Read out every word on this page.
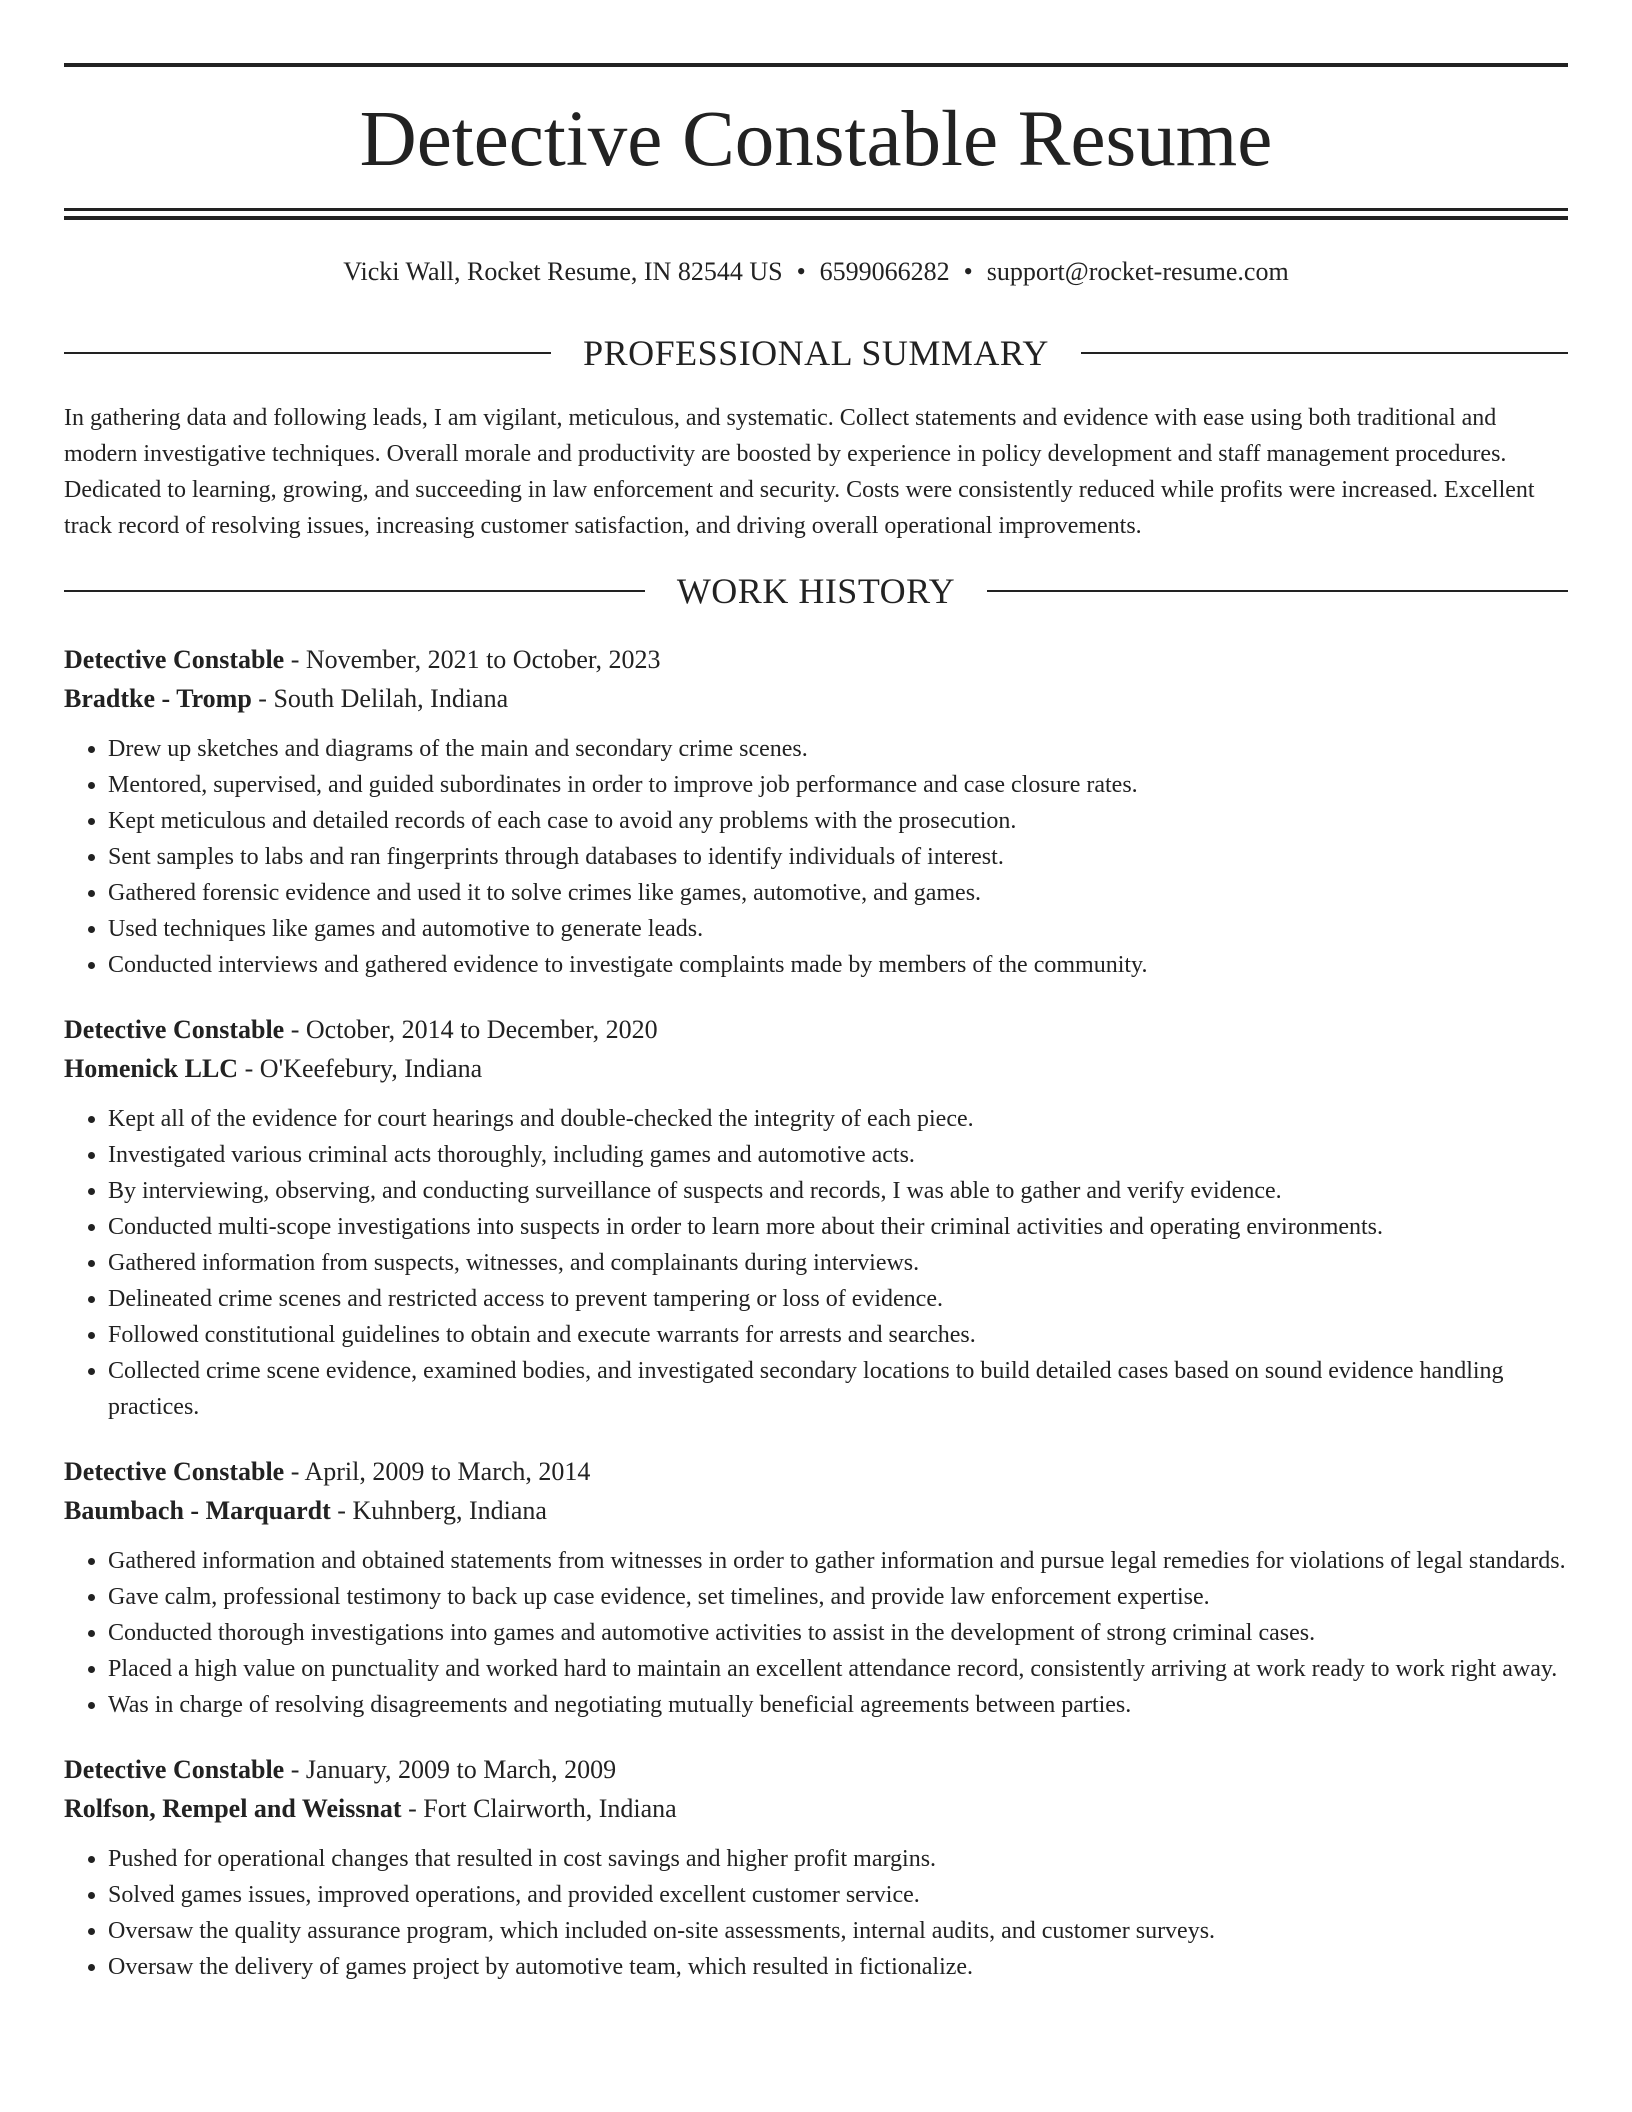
Detective Constable Resume
Vicki Wall, Rocket Resume, IN 82544 US • 6599066282 • support@rocket-resume.com
PROFESSIONAL SUMMARY

In gathering data and following leads, I am vigilant, meticulous, and systematic. Collect statements and evidence with ease using both traditional and modern investigative techniques. Overall morale and productivity are boosted by experience in policy development and staff management procedures. Dedicated to learning, growing, and succeeding in law enforcement and security. Costs were consistently reduced while profits were increased. Excellent track record of resolving issues, increasing customer satisfaction, and driving overall operational improvements.

WORK HISTORY

Detective Constable - November, 2021 to October, 2023

Bradtke - Tromp - South Delilah, Indiana

• Drew up sketches and diagrams of the main and secondary crime scenes.
• Mentored, supervised, and guided subordinates in order to improve job performance and case closure rates.
• Kept meticulous and detailed records of each case to avoid any problems with the prosecution.
• Sent samples to labs and ran fingerprints through databases to identify individuals of interest.
• Gathered forensic evidence and used it to solve crimes like games, automotive, and games.
• Used techniques like games and automotive to generate leads.
• Conducted interviews and gathered evidence to investigate complaints made by members of the community.

Detective Constable - October, 2014 to December, 2020

Homenick LLC - O'Keefebury, Indiana

• Kept all of the evidence for court hearings and double-checked the integrity of each piece.
• Investigated various criminal acts thoroughly, including games and automotive acts.
• By interviewing, observing, and conducting surveillance of suspects and records, I was able to gather and verify evidence.
• Conducted multi-scope investigations into suspects in order to learn more about their criminal activities and operating environments.
• Gathered information from suspects, witnesses, and complainants during interviews.
• Delineated crime scenes and restricted access to prevent tampering or loss of evidence.
• Followed constitutional guidelines to obtain and execute warrants for arrests and searches.
• Collected crime scene evidence, examined bodies, and investigated secondary locations to build detailed cases based on sound evidence handling practices.

Detective Constable - April, 2009 to March, 2014

Baumbach - Marquardt - Kuhnberg, Indiana

• Gathered information and obtained statements from witnesses in order to gather information and pursue legal remedies for violations of legal standards.
• Gave calm, professional testimony to back up case evidence, set timelines, and provide law enforcement expertise.
• Conducted thorough investigations into games and automotive activities to assist in the development of strong criminal cases.
• Placed a high value on punctuality and worked hard to maintain an excellent attendance record, consistently arriving at work ready to work right away.
• Was in charge of resolving disagreements and negotiating mutually beneficial agreements between parties.

Detective Constable - January, 2009 to March, 2009

Rolfson, Rempel and Weissnat - Fort Clairworth, Indiana

• Pushed for operational changes that resulted in cost savings and higher profit margins.
• Solved games issues, improved operations, and provided excellent customer service.
• Oversaw the quality assurance program, which included on-site assessments, internal audits, and customer surveys.
• Oversaw the delivery of games project by automotive team, which resulted in fictionalize.
